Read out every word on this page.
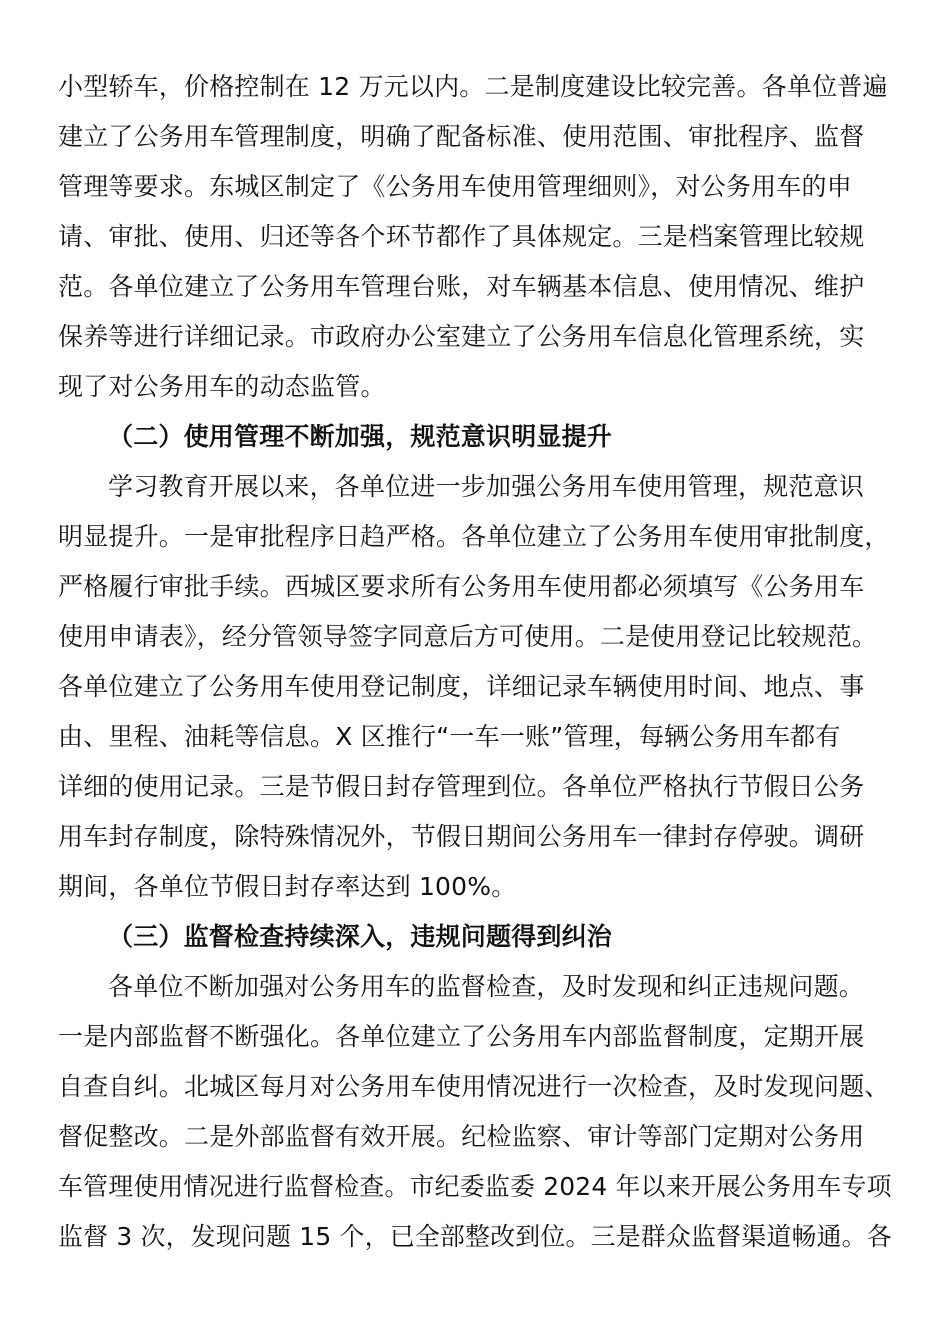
小型轿车，价格控制在 12 万元以内。二是制度建设比较完善。各单位普遍
建立了公务用车管理制度，明确了配备标准、使用范围、审批程序、监督
管理等要求。东城区制定了《公务用车使用管理细则》，对公务用车的申
请、审批、使用、归还等各个环节都作了具体规定。三是档案管理比较规
范。各单位建立了公务用车管理台账，对车辆基本信息、使用情况、维护
保养等进行详细记录。市政府办公室建立了公务用车信息化管理系统，实
现了对公务用车的动态监管。
（二）使用管理不断加强，规范意识明显提升
学习教育开展以来，各单位进一步加强公务用车使用管理，规范意识
明显提升。一是审批程序日趋严格。各单位建立了公务用车使用审批制度，
严格履行审批手续。西城区要求所有公务用车使用都必须填写《公务用车
使用申请表》，经分管领导签字同意后方可使用。二是使用登记比较规范。
各单位建立了公务用车使用登记制度，详细记录车辆使用时间、地点、事
由、里程、油耗等信息。X 区推行“一车一账”管理，每辆公务用车都有
详细的使用记录。三是节假日封存管理到位。各单位严格执行节假日公务
用车封存制度，除特殊情况外，节假日期间公务用车一律封存停驶。调研
期间，各单位节假日封存率达到 100%。
（三）监督检查持续深入，违规问题得到纠治
各单位不断加强对公务用车的监督检查，及时发现和纠正违规问题。
一是内部监督不断强化。各单位建立了公务用车内部监督制度，定期开展
自查自纠。北城区每月对公务用车使用情况进行一次检查，及时发现问题、
督促整改。二是外部监督有效开展。纪检监察、审计等部门定期对公务用
车管理使用情况进行监督检查。市纪委监委 2024 年以来开展公务用车专项
监督 3 次，发现问题 15 个，已全部整改到位。三是群众监督渠道畅通。各
